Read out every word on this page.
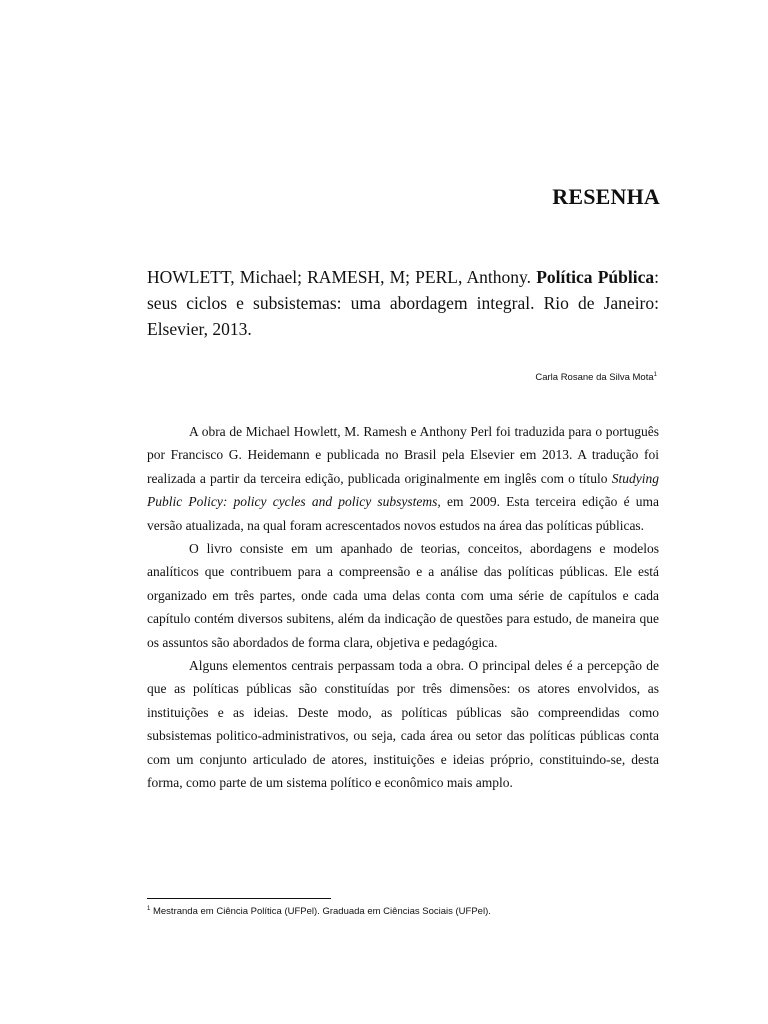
RESENHA

HOWLETT, Michael; RAMESH, M; PERL, Anthony. Política Pública: seus ciclos e subsistemas: uma abordagem integral. Rio de Janeiro: Elsevier, 2013.

Carla Rosane da Silva Mota$^1$

A obra de Michael Howlett, M. Ramesh e Anthony Perl foi traduzida para o português por Francisco G. Heidemann e publicada no Brasil pela Elsevier em 2013. A tradução foi realizada a partir da terceira edição, publicada originalmente em inglês com o título Studying Public Policy: policy cycles and policy subsystems, em 2009. Esta terceira edição é uma versão atualizada, na qual foram acrescentados novos estudos na área das políticas públicas.

O livro consiste em um apanhado de teorias, conceitos, abordagens e modelos analíticos que contribuem para a compreensão e a análise das políticas públicas. Ele está organizado em três partes, onde cada uma delas conta com uma série de capítulos e cada capítulo contém diversos subitens, além da indicação de questões para estudo, de maneira que os assuntos são abordados de forma clara, objetiva e pedagógica.

Alguns elementos centrais perpassam toda a obra. O principal deles é a percepção de que as políticas públicas são constituídas por três dimensões: os atores envolvidos, as instituições e as ideias. Deste modo, as políticas públicas são compreendidas como subsistemas politico-administrativos, ou seja, cada área ou setor das políticas públicas conta com um conjunto articulado de atores, instituições e ideias próprio, constituindo-se, desta forma, como parte de um sistema político e econômico mais amplo.

$^1$ Mestranda em Ciência Política (UFPel). Graduada em Ciências Sociais (UFPel).
